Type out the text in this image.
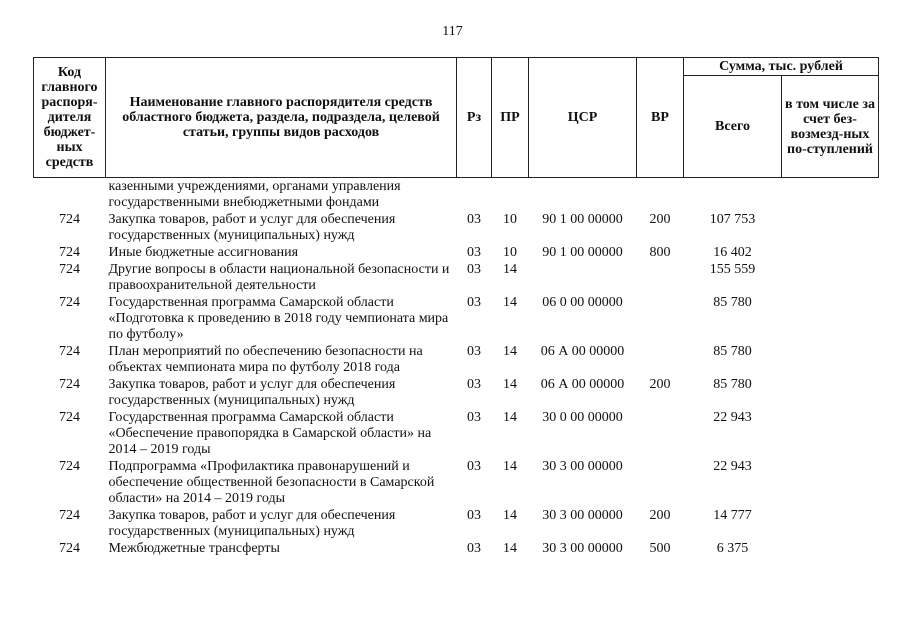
117
Код главного распоря-дителя бюджет-ных средств	Наименование главного распорядителя средств областного бюджета, раздела, подраздела, целевой статьи, группы видов расходов	Рз	ПР	ЦСР	ВР	Сумма, тыс. рублей	
						Всего	в том числе за счет без-возмезд-ных по-ступлений
	казенными учреждениями, органами управления государственными внебюджетными фондами						
724	Закупка товаров, работ и услуг для обеспечения государственных (муниципальных) нужд	03	10	90 1 00 00000	200	107 753	
724	Иные бюджетные ассигнования	03	10	90 1 00 00000	800	16 402	
724	Другие вопросы в области национальной безопасности и правоохранительной деятельности	03	14			155 559	
724	Государственная программа Самарской области «Подготовка к проведению в 2018 году чемпионата мира по футболу»	03	14	06 0 00 00000		85 780	
724	План мероприятий по обеспечению безопасности на объектах чемпионата мира по футболу 2018 года	03	14	06 А 00 00000		85 780	
724	Закупка товаров, работ и услуг для обеспечения государственных (муниципальных) нужд	03	14	06 А 00 00000	200	85 780	
724	Государственная программа Самарской области «Обеспечение правопорядка в Самарской области» на 2014 – 2019 годы	03	14	30 0 00 00000		22 943	
724	Подпрограмма «Профилактика правонарушений и обеспечение общественной безопасности в Самарской области» на 2014 – 2019 годы	03	14	30 3 00 00000		22 943	
724	Закупка товаров, работ и услуг для обеспечения государственных (муниципальных) нужд	03	14	30 3 00 00000	200	14 777	
724	Межбюджетные трансферты	03	14	30 3 00 00000	500	6 375	
